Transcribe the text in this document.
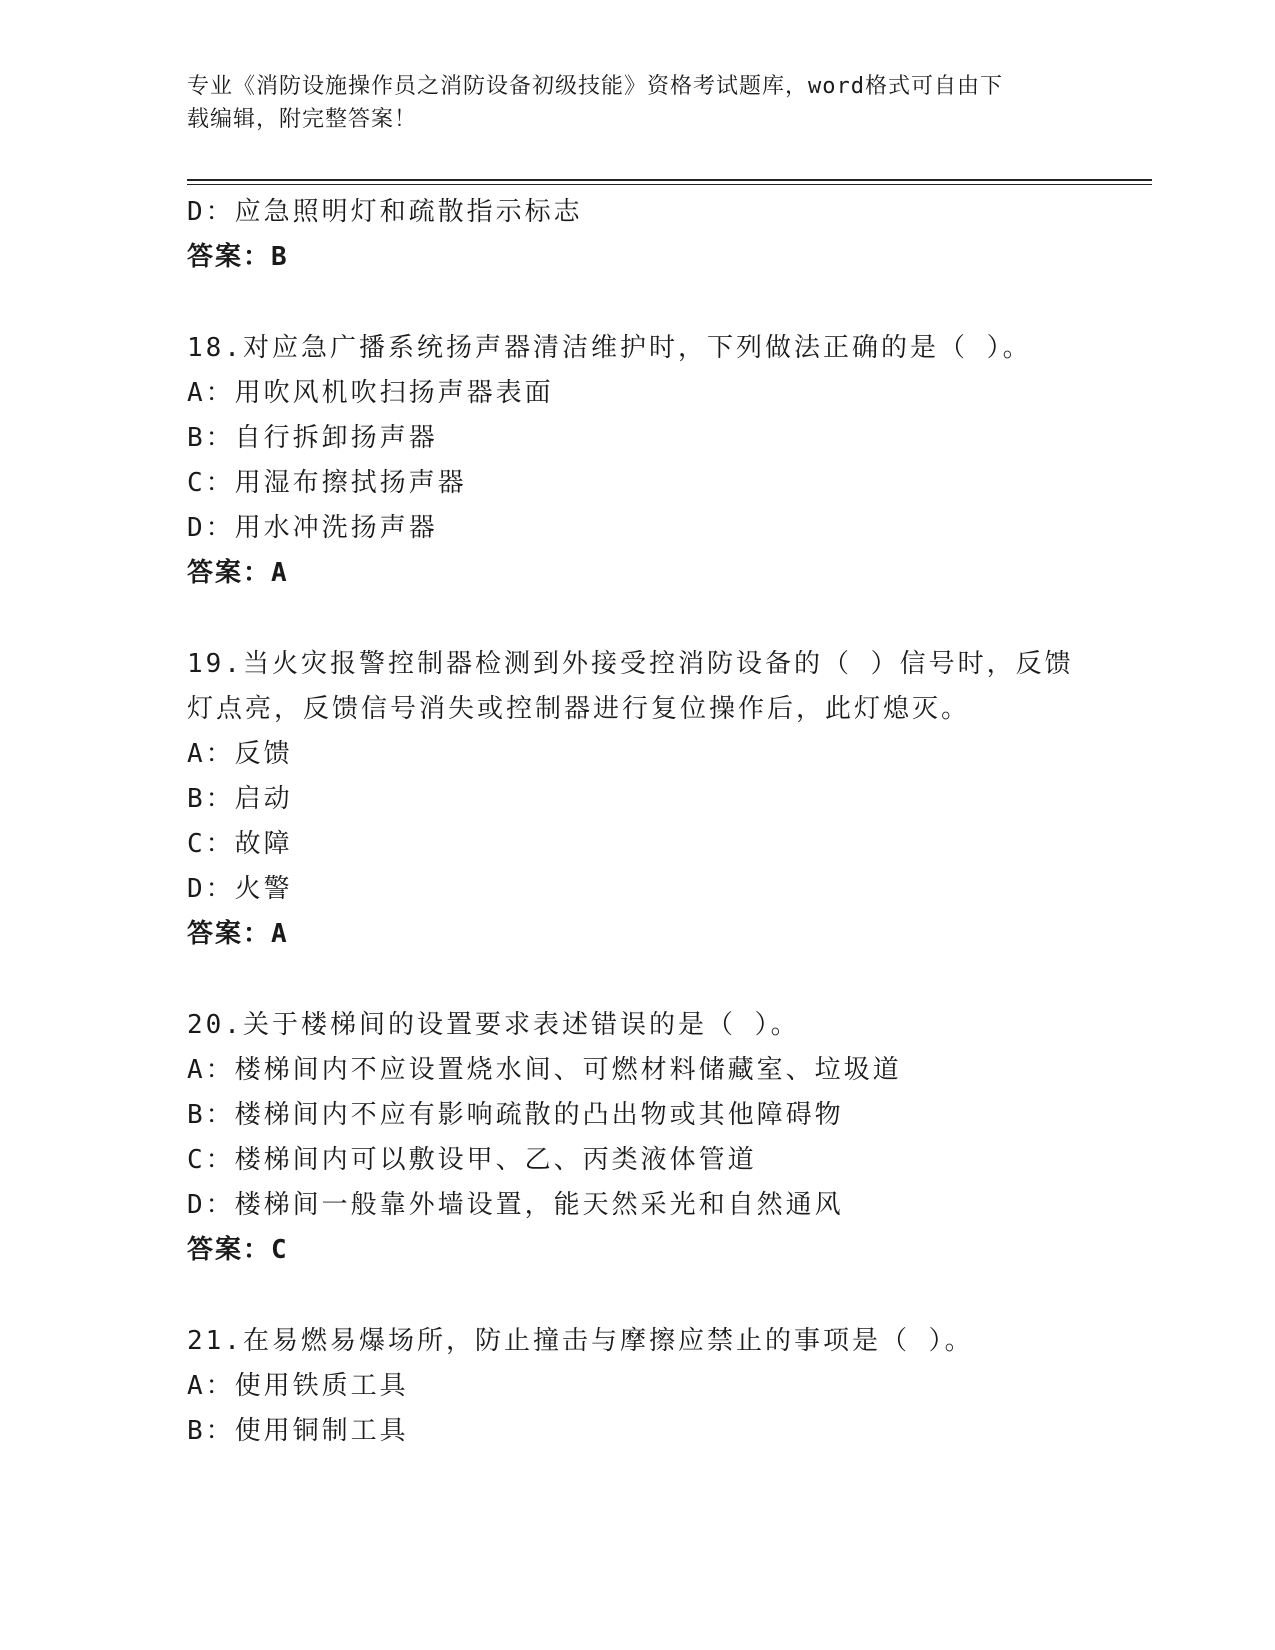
专业《消防设施操作员之消防设备初级技能》资格考试题库，word格式可自由下
载编辑，附完整答案！
D：应急照明灯和疏散指示标志
答案：B
18.对应急广播系统扬声器清洁维护时，下列做法正确的是（ ）。
A：用吹风机吹扫扬声器表面
B：自行拆卸扬声器
C：用湿布擦拭扬声器
D：用水冲洗扬声器
答案：A
19.当火灾报警控制器检测到外接受控消防设备的（ ）信号时，反馈
灯点亮，反馈信号消失或控制器进行复位操作后，此灯熄灭。
A：反馈
B：启动
C：故障
D：火警
答案：A
20.关于楼梯间的设置要求表述错误的是（ ）。
A：楼梯间内不应设置烧水间、可燃材料储藏室、垃圾道
B：楼梯间内不应有影响疏散的凸出物或其他障碍物
C：楼梯间内可以敷设甲、乙、丙类液体管道
D：楼梯间一般靠外墙设置，能天然采光和自然通风
答案：C
21.在易燃易爆场所，防止撞击与摩擦应禁止的事项是（ ）。
A：使用铁质工具
B：使用铜制工具
